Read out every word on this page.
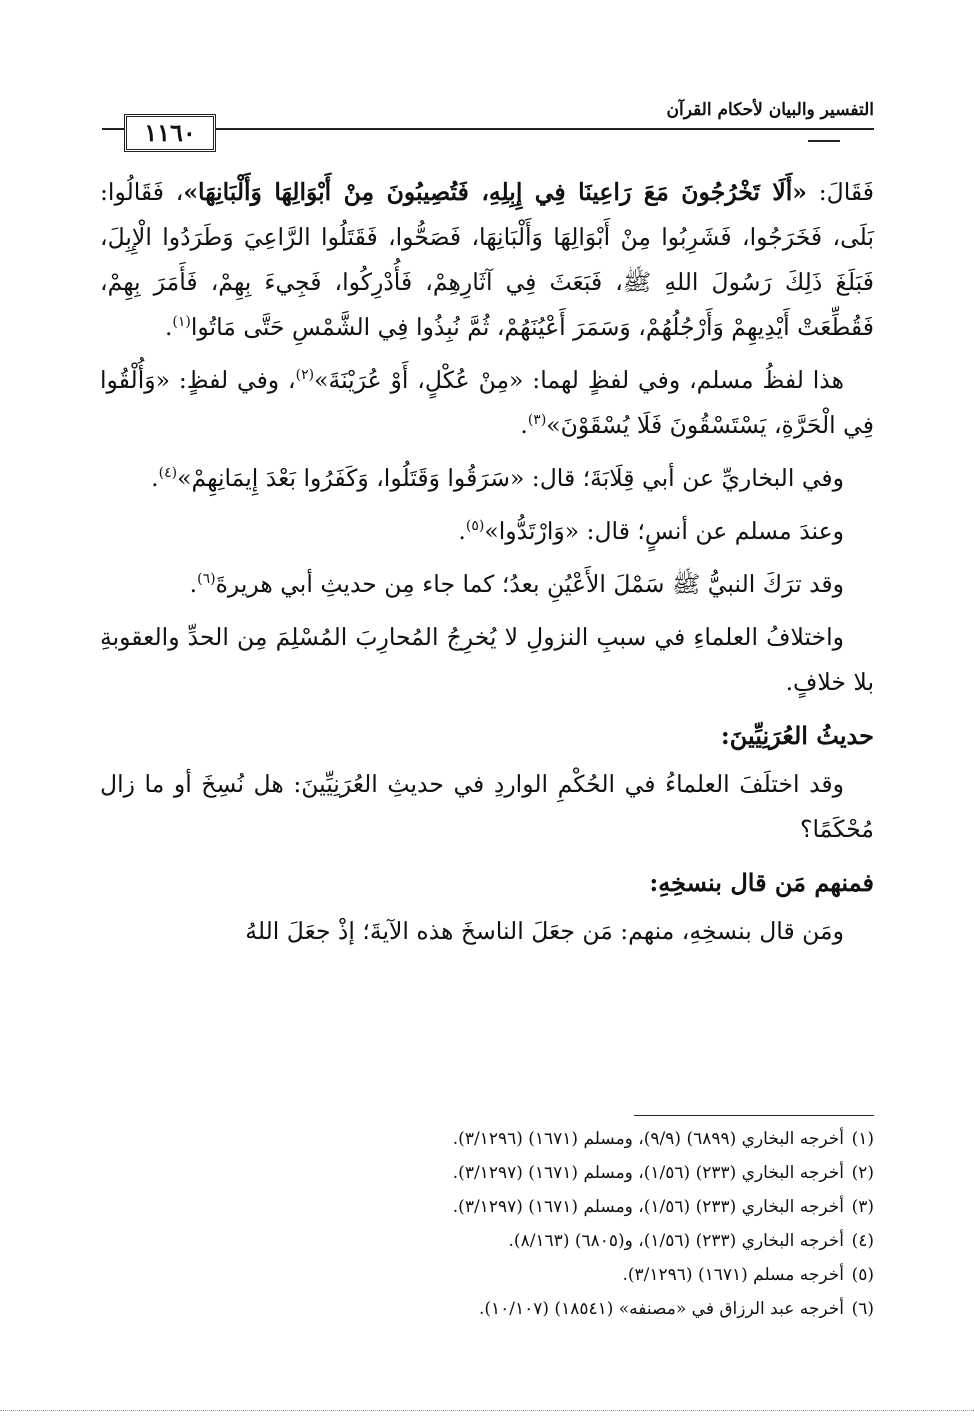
التفسير والبيان لأحكام القرآن
١١٦٠

فَقَالَ: «أَلَا تَخْرُجُونَ مَعَ رَاعِينَا فِي إِبِلِهِ، فَتُصِيبُونَ مِنْ أَبْوَالِهَا وَأَلْبَانِهَا»، فَقَالُوا: بَلَى، فَخَرَجُوا، فَشَرِبُوا مِنْ أَبْوَالِهَا وَأَلْبَانِهَا، فَصَحُّوا، فَقَتَلُوا الرَّاعِيَ وَطَرَدُوا الْإِبِلَ، فَبَلَغَ ذَلِكَ رَسُولَ اللهِ ﷺ، فَبَعَثَ فِي آثَارِهِمْ، فَأُدْرِكُوا، فَجِيءَ بِهِمْ، فَأَمَرَ بِهِمْ، فَقُطِّعَتْ أَيْدِيهِمْ وَأَرْجُلُهُمْ، وَسَمَرَ أَعْيُنَهُمْ، ثُمَّ نُبِذُوا فِي الشَّمْسِ حَتَّى مَاتُوا$^{(١)}$.

هذا لفظُ مسلم، وفي لفظٍ لهما: «مِنْ عُكْلٍ، أَوْ عُرَيْنَةَ»$^{(٢)}$، وفي لفظٍ: «وَأُلْقُوا فِي الْحَرَّةِ، يَسْتَسْقُونَ فَلَا يُسْقَوْنَ»$^{(٣)}$.

وفي البخاريِّ عن أبي قِلَابَةَ؛ قال: «سَرَقُوا وَقَتَلُوا، وَكَفَرُوا بَعْدَ إِيمَانِهِمْ»$^{(٤)}$.

وعندَ مسلم عن أنسٍ؛ قال: «وَارْتَدُّوا»$^{(٥)}$.

وقد ترَكَ النبيُّ ﷺ سَمْلَ الأَعْيُنِ بعدُ؛ كما جاء مِن حديثِ أبي هريرةَ$^{(٦)}$.

واختلافُ العلماءِ في سببِ النزولِ لا يُخرِجُ المُحارِبَ المُسْلِمَ مِن الحدِّ والعقوبةِ بلا خلافٍ.

حديثُ العُرَنِيِّينَ:

وقد اختلَفَ العلماءُ في الحُكْمِ الواردِ في حديثِ العُرَنِيِّينَ: هل نُسِخَ أو ما زال مُحْكَمًا؟

فمنهم مَن قال بنسخِهِ:

ومَن قال بنسخِهِ، منهم: مَن جعَلَ الناسخَ هذه الآيةَ؛ إذْ جعَلَ اللهُ

(١)أخرجه البخاري (٦٨٩٩) (٩/٩)، ومسلم (١٦٧١) (٣/١٢٩٦).
(٢)أخرجه البخاري (٢٣٣) (١/٥٦)، ومسلم (١٦٧١) (٣/١٢٩٧).
(٣)أخرجه البخاري (٢٣٣) (١/٥٦)، ومسلم (١٦٧١) (٣/١٢٩٧).
(٤)أخرجه البخاري (٢٣٣) (١/٥٦)، و(٦٨٠٥) (٨/١٦٣).
(٥)أخرجه مسلم (١٦٧١) (٣/١٢٩٦).
(٦)أخرجه عبد الرزاق في «مصنفه» (١٨٥٤١) (١٠/١٠٧).
